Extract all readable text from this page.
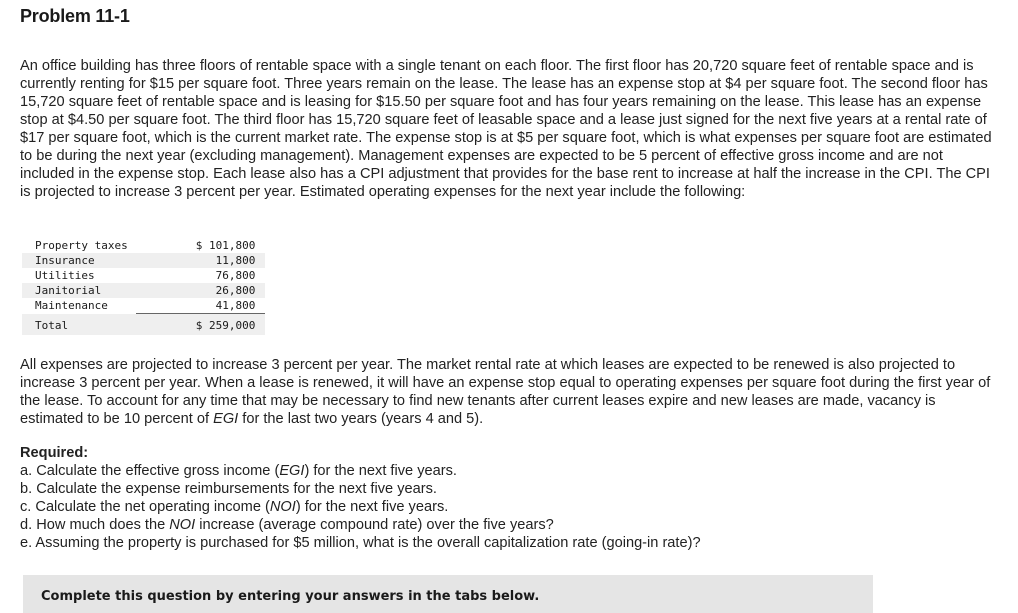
Problem 11-1

An office building has three floors of rentable space with a single tenant on each floor. The first floor has 20,720 square feet of rentable space and is currently renting for $15 per square foot. Three years remain on the lease. The lease has an expense stop at $4 per square foot. The second floor has 15,720 square feet of rentable space and is leasing for $15.50 per square foot and has four years remaining on the lease. This lease has an expense stop at $4.50 per square foot. The third floor has 15,720 square feet of leasable space and a lease just signed for the next five years at a rental rate of $17 per square foot, which is the current market rate. The expense stop is at $5 per square foot, which is what expenses per square foot are estimated to be during the next year (excluding management). Management expenses are expected to be 5 percent of effective gross income and are not included in the expense stop. Each lease also has a CPI adjustment that provides for the base rent to increase at half the increase in the CPI. The CPI is projected to increase 3 percent per year. Estimated operating expenses for the next year include the following:

Property taxes	$ 101,800
Insurance	11,800
Utilities	76,800
Janitorial	26,800
Maintenance	41,800
Total	$ 259,000

All expenses are projected to increase 3 percent per year. The market rental rate at which leases are expected to be renewed is also projected to increase 3 percent per year. When a lease is renewed, it will have an expense stop equal to operating expenses per square foot during the first year of the lease. To account for any time that may be necessary to find new tenants after current leases expire and new leases are made, vacancy is estimated to be 10 percent of EGI for the last two years (years 4 and 5).

Required:
a. Calculate the effective gross income (EGI) for the next five years.
b. Calculate the expense reimbursements for the next five years.
c. Calculate the net operating income (NOI) for the next five years.
d. How much does the NOI increase (average compound rate) over the five years?
e. Assuming the property is purchased for $5 million, what is the overall capitalization rate (going-in rate)?
Complete this question by entering your answers in the tabs below.
